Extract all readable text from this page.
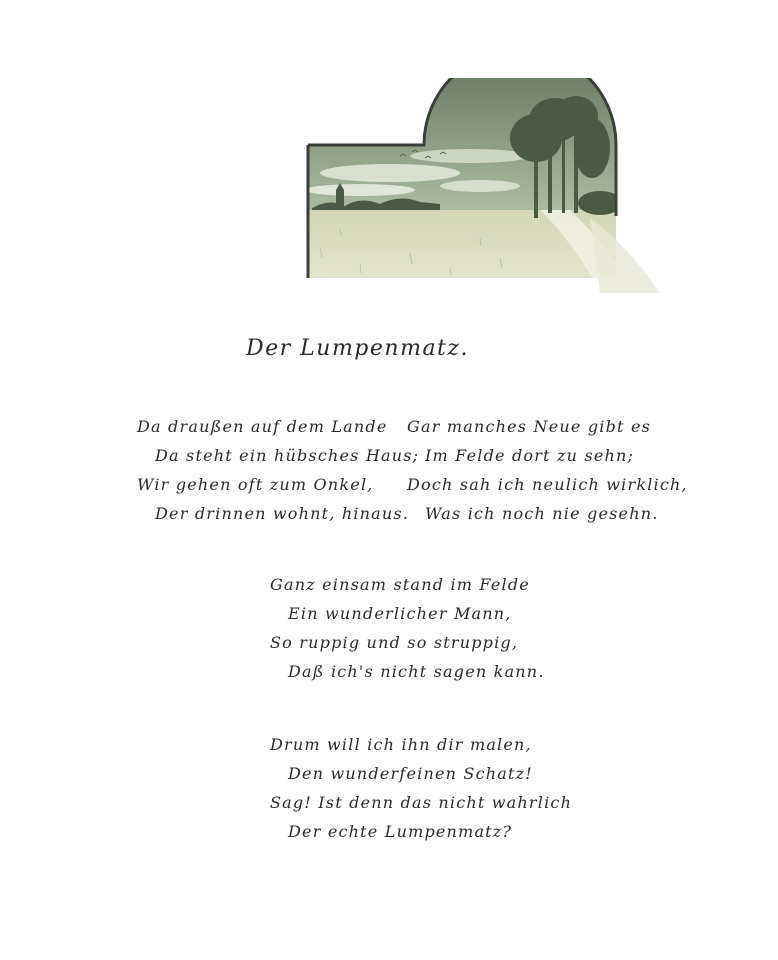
Der Lumpenmatz.
Da draußen auf dem Lande
Da steht ein hübsches Haus;
Wir gehen oft zum Onkel,
Der drinnen wohnt, hinaus.
Gar manches Neue gibt es
Im Felde dort zu sehn;
Doch sah ich neulich wirklich,
Was ich noch nie gesehn.
Ganz einsam stand im Felde
Ein wunderlicher Mann,
So ruppig und so struppig,
Daß ich's nicht sagen kann.
Drum will ich ihn dir malen,
Den wunderfeinen Schatz!
Sag! Ist denn das nicht wahrlich
Der echte Lumpenmatz?
